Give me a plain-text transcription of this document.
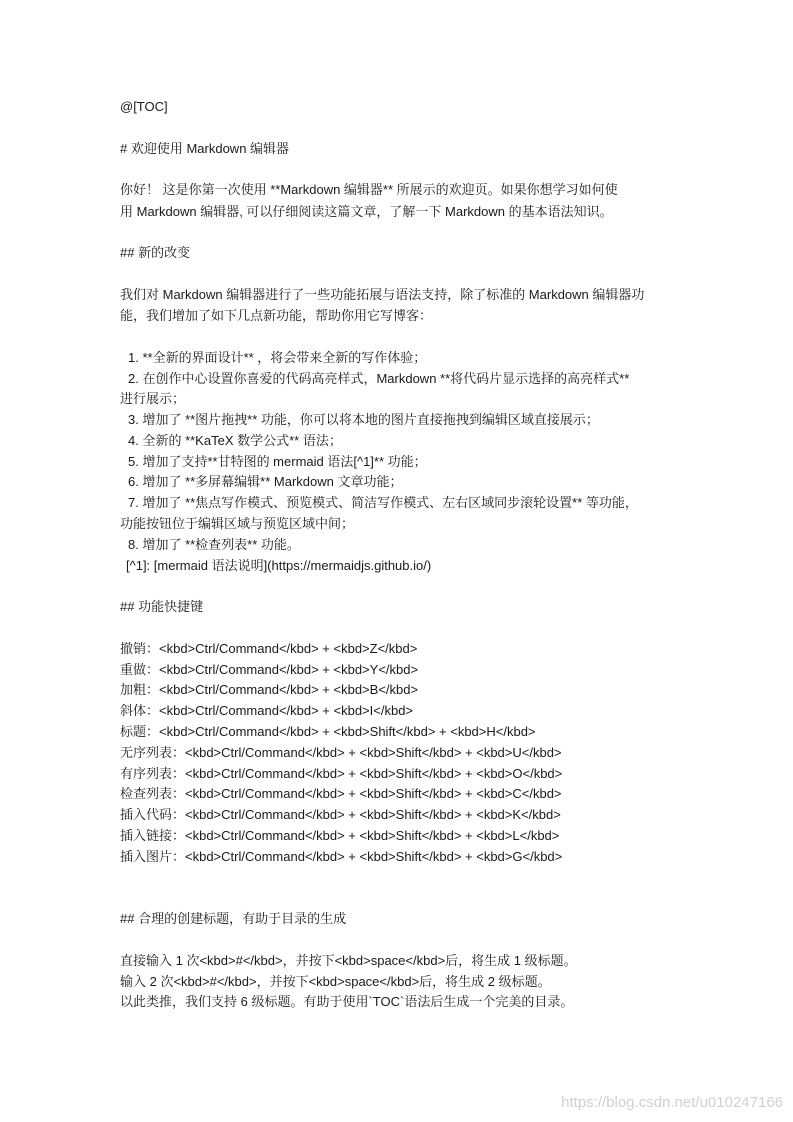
@[TOC]
# 欢迎使用 Markdown 编辑器
你好！ 这是你第一次使用 **Markdown 编辑器** 所展示的欢迎页。如果你想学习如何使
用 Markdown 编辑器, 可以仔细阅读这篇文章，了解一下 Markdown 的基本语法知识。
## 新的改变
我们对 Markdown 编辑器进行了一些功能拓展与语法支持，除了标准的 Markdown 编辑器功
能，我们增加了如下几点新功能，帮助你用它写博客：
1. **全新的界面设计** ，将会带来全新的写作体验；
2. 在创作中心设置你喜爱的代码高亮样式，Markdown **将代码片显示选择的高亮样式**
进行展示；
3. 增加了 **图片拖拽** 功能，你可以将本地的图片直接拖拽到编辑区域直接展示；
4. 全新的 **KaTeX 数学公式** 语法；
5. 增加了支持**甘特图的 mermaid 语法[^1]** 功能；
6. 增加了 **多屏幕编辑** Markdown 文章功能；
7. 增加了 **焦点写作模式、预览模式、简洁写作模式、左右区域同步滚轮设置** 等功能，
功能按钮位于编辑区域与预览区域中间；
8. 增加了 **检查列表** 功能。
[^1]: [mermaid 语法说明](https://mermaidjs.github.io/)
## 功能快捷键
撤销：<kbd>Ctrl/Command</kbd> + <kbd>Z</kbd>
重做：<kbd>Ctrl/Command</kbd> + <kbd>Y</kbd>
加粗：<kbd>Ctrl/Command</kbd> + <kbd>B</kbd>
斜体：<kbd>Ctrl/Command</kbd> + <kbd>I</kbd>
标题：<kbd>Ctrl/Command</kbd> + <kbd>Shift</kbd> + <kbd>H</kbd>
无序列表：<kbd>Ctrl/Command</kbd> + <kbd>Shift</kbd> + <kbd>U</kbd>
有序列表：<kbd>Ctrl/Command</kbd> + <kbd>Shift</kbd> + <kbd>O</kbd>
检查列表：<kbd>Ctrl/Command</kbd> + <kbd>Shift</kbd> + <kbd>C</kbd>
插入代码：<kbd>Ctrl/Command</kbd> + <kbd>Shift</kbd> + <kbd>K</kbd>
插入链接：<kbd>Ctrl/Command</kbd> + <kbd>Shift</kbd> + <kbd>L</kbd>
插入图片：<kbd>Ctrl/Command</kbd> + <kbd>Shift</kbd> + <kbd>G</kbd>
## 合理的创建标题，有助于目录的生成
直接输入 1 次<kbd>#</kbd>，并按下<kbd>space</kbd>后，将生成 1 级标题。
输入 2 次<kbd>#</kbd>，并按下<kbd>space</kbd>后，将生成 2 级标题。
以此类推，我们支持 6 级标题。有助于使用`TOC`语法后生成一个完美的目录。
https://blog.csdn.net/u010247166
